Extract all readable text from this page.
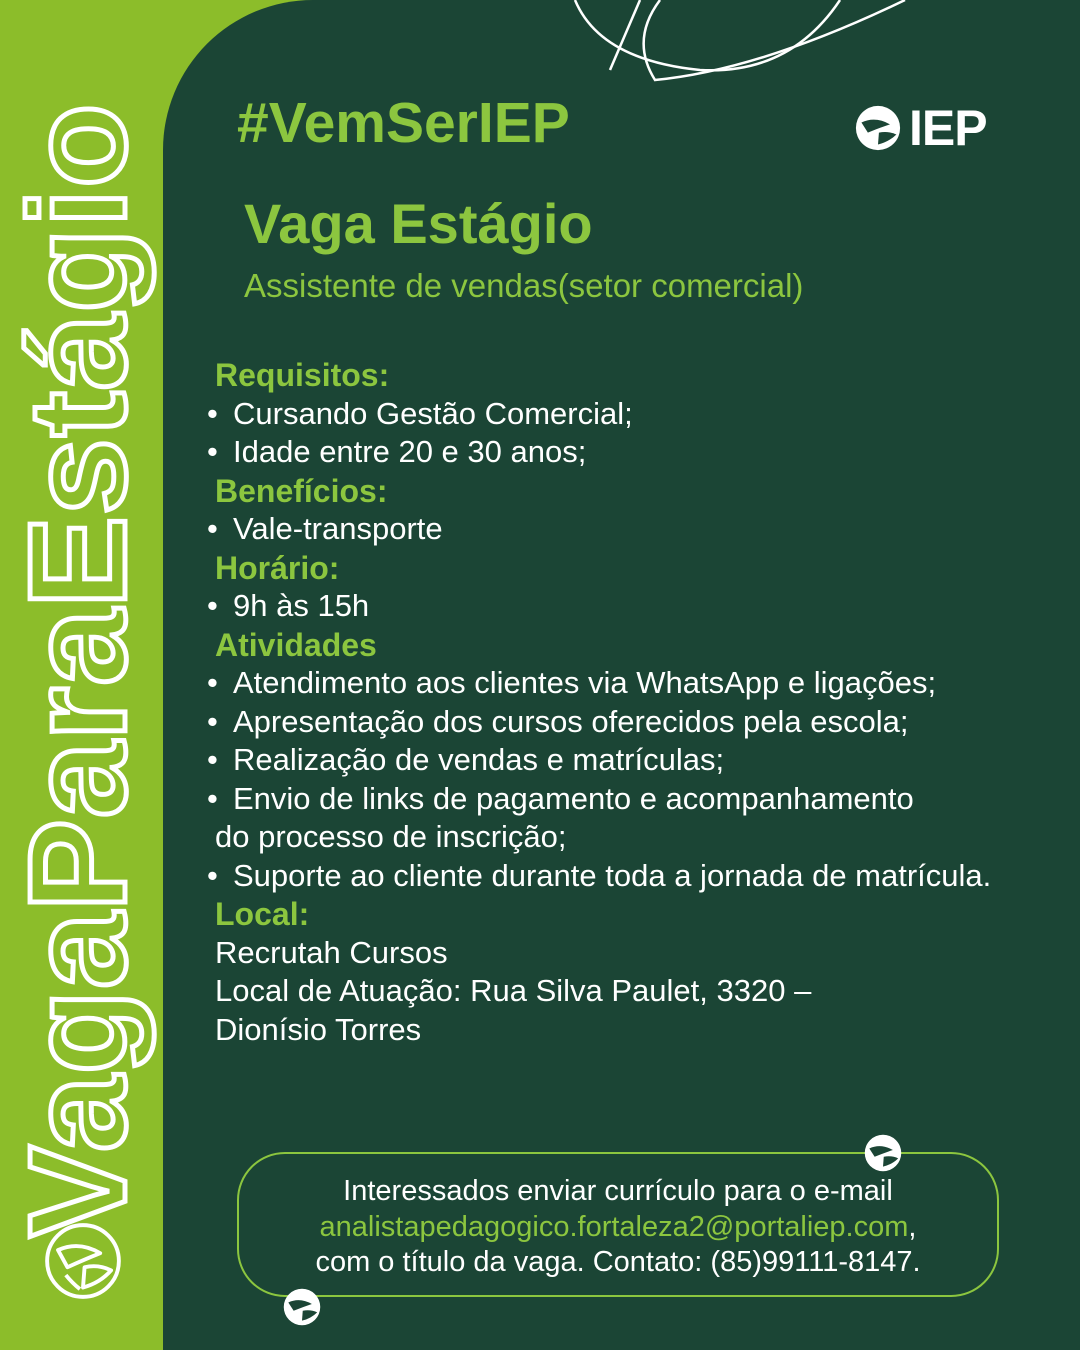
VagaParaEstágio #VemSerIEP	IEP
Vaga Estágio
Assistente de vendas(setor comercial)
Requisitos:
• Cursando Gestão Comercial;
• Idade entre 20 e 30 anos;
Benefícios:
• Vale-transporte
Horário:
• 9h às 15h
Atividades
• Atendimento aos clientes via WhatsApp e ligações;
• Apresentação dos cursos oferecidos pela escola;
• Realização de vendas e matrículas;
• Envio de links de pagamento e acompanhamento
do processo de inscrição;
• Suporte ao cliente durante toda a jornada de matrícula.
Local:
Recrutah Cursos
Local de Atuação: Rua Silva Paulet, 3320 –
Dionísio Torres
Interessados enviar currículo para o e-mail
analistapedagogico.fortaleza2@portaliep.com,
com o título da vaga. Contato: (85)99111-8147.
